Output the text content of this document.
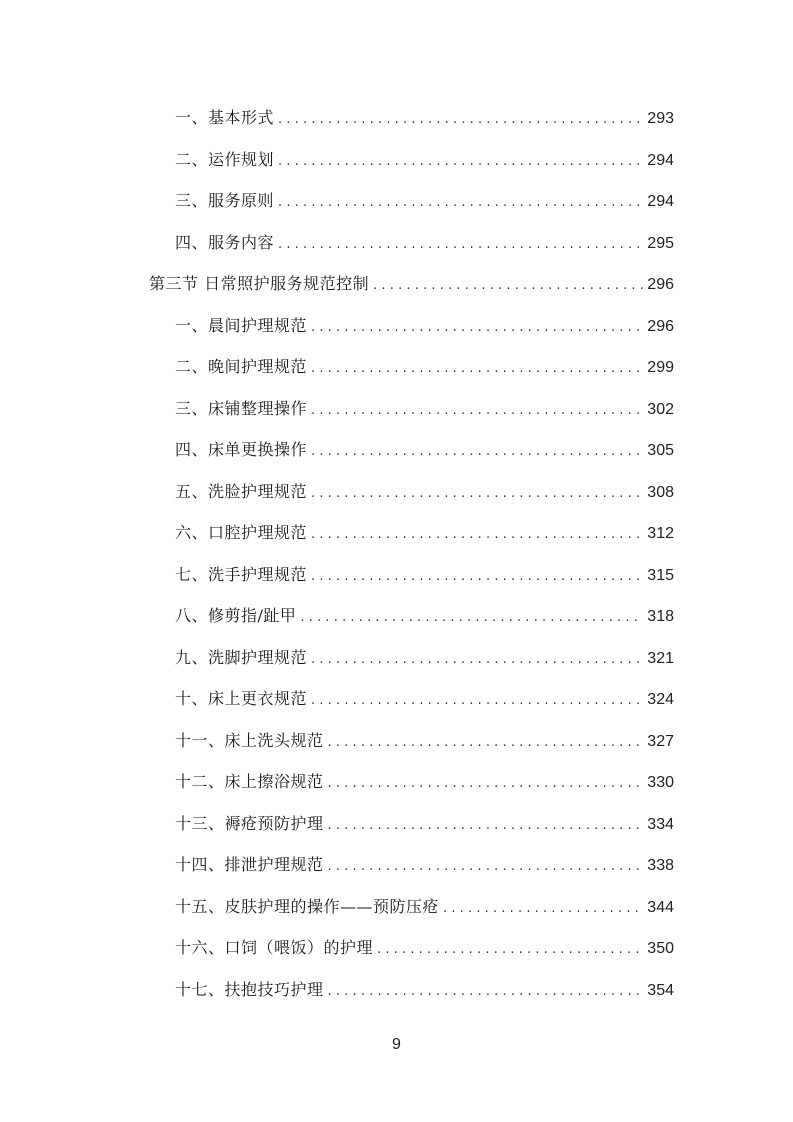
一、基本形式 .....	293
二、运作规划 .....	294
三、服务原则 .....	294
四、服务内容 .....	295
第三节 日常照护服务规范控制 .....	296
一、晨间护理规范 .....	296
二、晚间护理规范 .....	299
三、床铺整理操作 .....	302
四、床单更换操作 .....	305
五、洗脸护理规范 .....	308
六、口腔护理规范 .....	312
七、洗手护理规范 .....	315
八、修剪指/趾甲 .....	318
九、洗脚护理规范 .....	321
十、床上更衣规范 .....	324
十一、床上洗头规范 .....	327
十二、床上擦浴规范 .....	330
十三、褥疮预防护理 .....	334
十四、排泄护理规范 .....	338
十五、皮肤护理的操作——预防压疮 .....	344
十六、口饲（喂饭）的护理 .....	350
十七、扶抱技巧护理 .....	354
9
